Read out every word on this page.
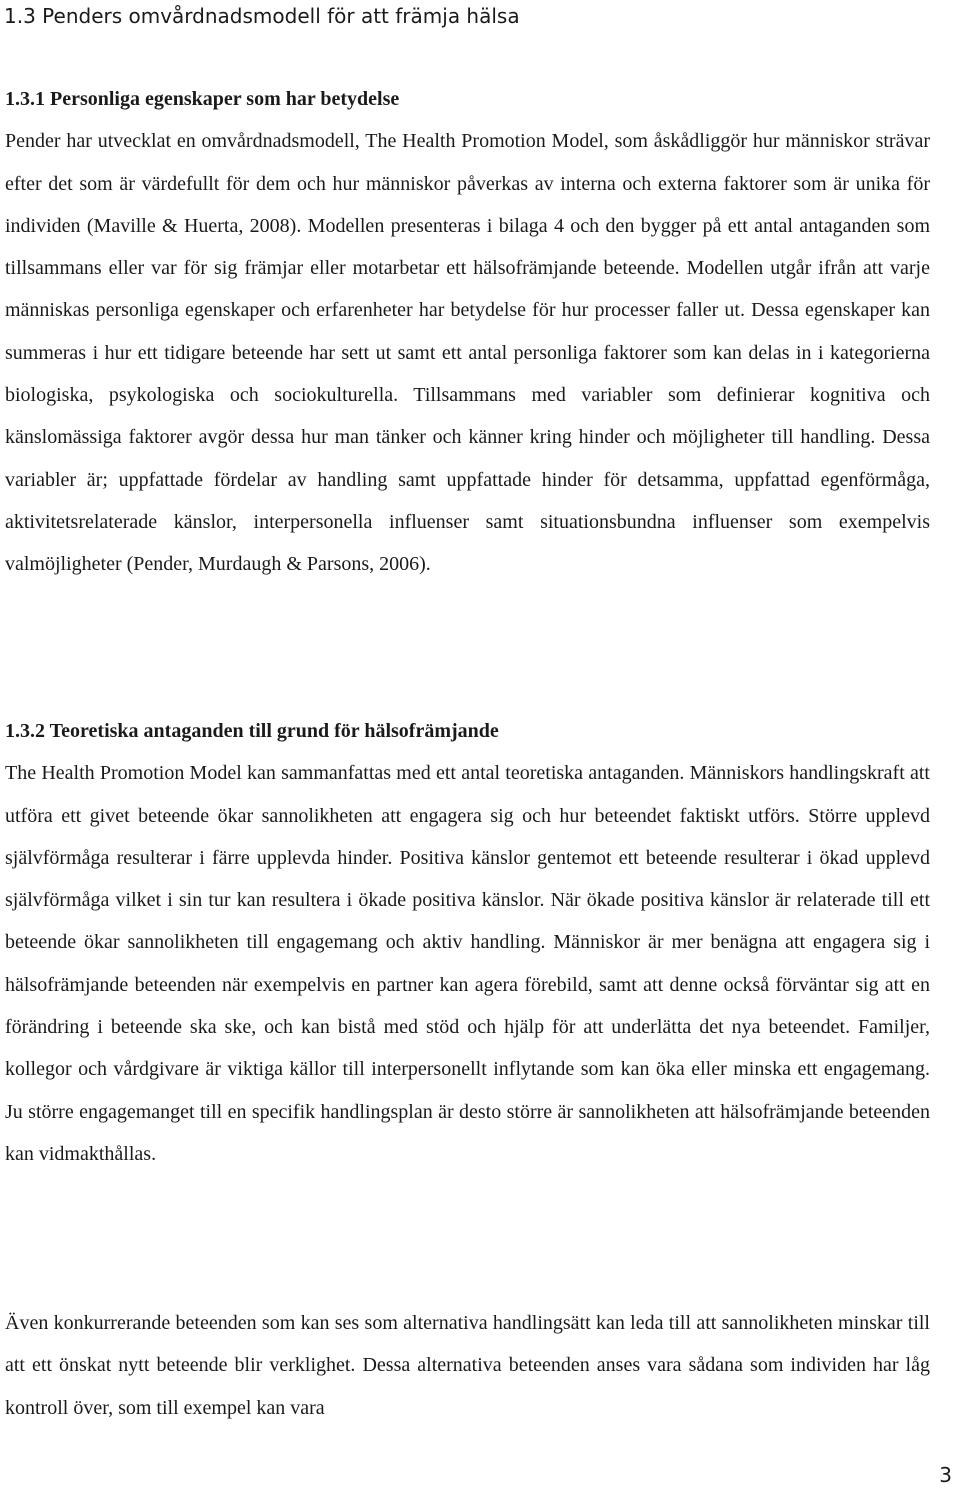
1.3 Penders omvårdnadsmodell för att främja hälsa
1.3.1 Personliga egenskaper som har betydelse
Pender har utvecklat en omvårdnadsmodell, The Health Promotion Model, som åskådliggör hur människor strävar efter det som är värdefullt för dem och hur människor påverkas av interna och externa faktorer som är unika för individen (Maville & Huerta, 2008). Modellen presenteras i bilaga 4 och den bygger på ett antal antaganden som tillsammans eller var för sig främjar eller motarbetar ett hälsofrämjande beteende. Modellen utgår ifrån att varje människas personliga egenskaper och erfarenheter har betydelse för hur processer faller ut. Dessa egenskaper kan summeras i hur ett tidigare beteende har sett ut samt ett antal personliga faktorer som kan delas in i kategorierna biologiska, psykologiska och sociokulturella. Tillsammans med variabler som definierar kognitiva och känslomässiga faktorer avgör dessa hur man tänker och känner kring hinder och möjligheter till handling. Dessa variabler är; uppfattade fördelar av handling samt uppfattade hinder för detsamma, uppfattad egenförmåga, aktivitetsrelaterade känslor, interpersonella influenser samt situationsbundna influenser som exempelvis valmöjligheter (Pender, Murdaugh & Parsons, 2006).
1.3.2 Teoretiska antaganden till grund för hälsofrämjande
The Health Promotion Model kan sammanfattas med ett antal teoretiska antaganden. Människors handlingskraft att utföra ett givet beteende ökar sannolikheten att engagera sig och hur beteendet faktiskt utförs. Större upplevd självförmåga resulterar i färre upplevda hinder. Positiva känslor gentemot ett beteende resulterar i ökad upplevd självförmåga vilket i sin tur kan resultera i ökade positiva känslor. När ökade positiva känslor är relaterade till ett beteende ökar sannolikheten till engagemang och aktiv handling. Människor är mer benägna att engagera sig i hälsofrämjande beteenden när exempelvis en partner kan agera förebild, samt att denne också förväntar sig att en förändring i beteende ska ske, och kan bistå med stöd och hjälp för att underlätta det nya beteendet. Familjer, kollegor och vårdgivare är viktiga källor till interpersonellt inflytande som kan öka eller minska ett engagemang. Ju större engagemanget till en specifik handlingsplan är desto större är sannolikheten att hälsofrämjande beteenden kan vidmakthållas.

Även konkurrerande beteenden som kan ses som alternativa handlingsätt kan leda till att sannolikheten minskar till att ett önskat nytt beteende blir verklighet. Dessa alternativa beteenden anses vara sådana som individen har låg kontroll över, som till exempel kan vara

3
